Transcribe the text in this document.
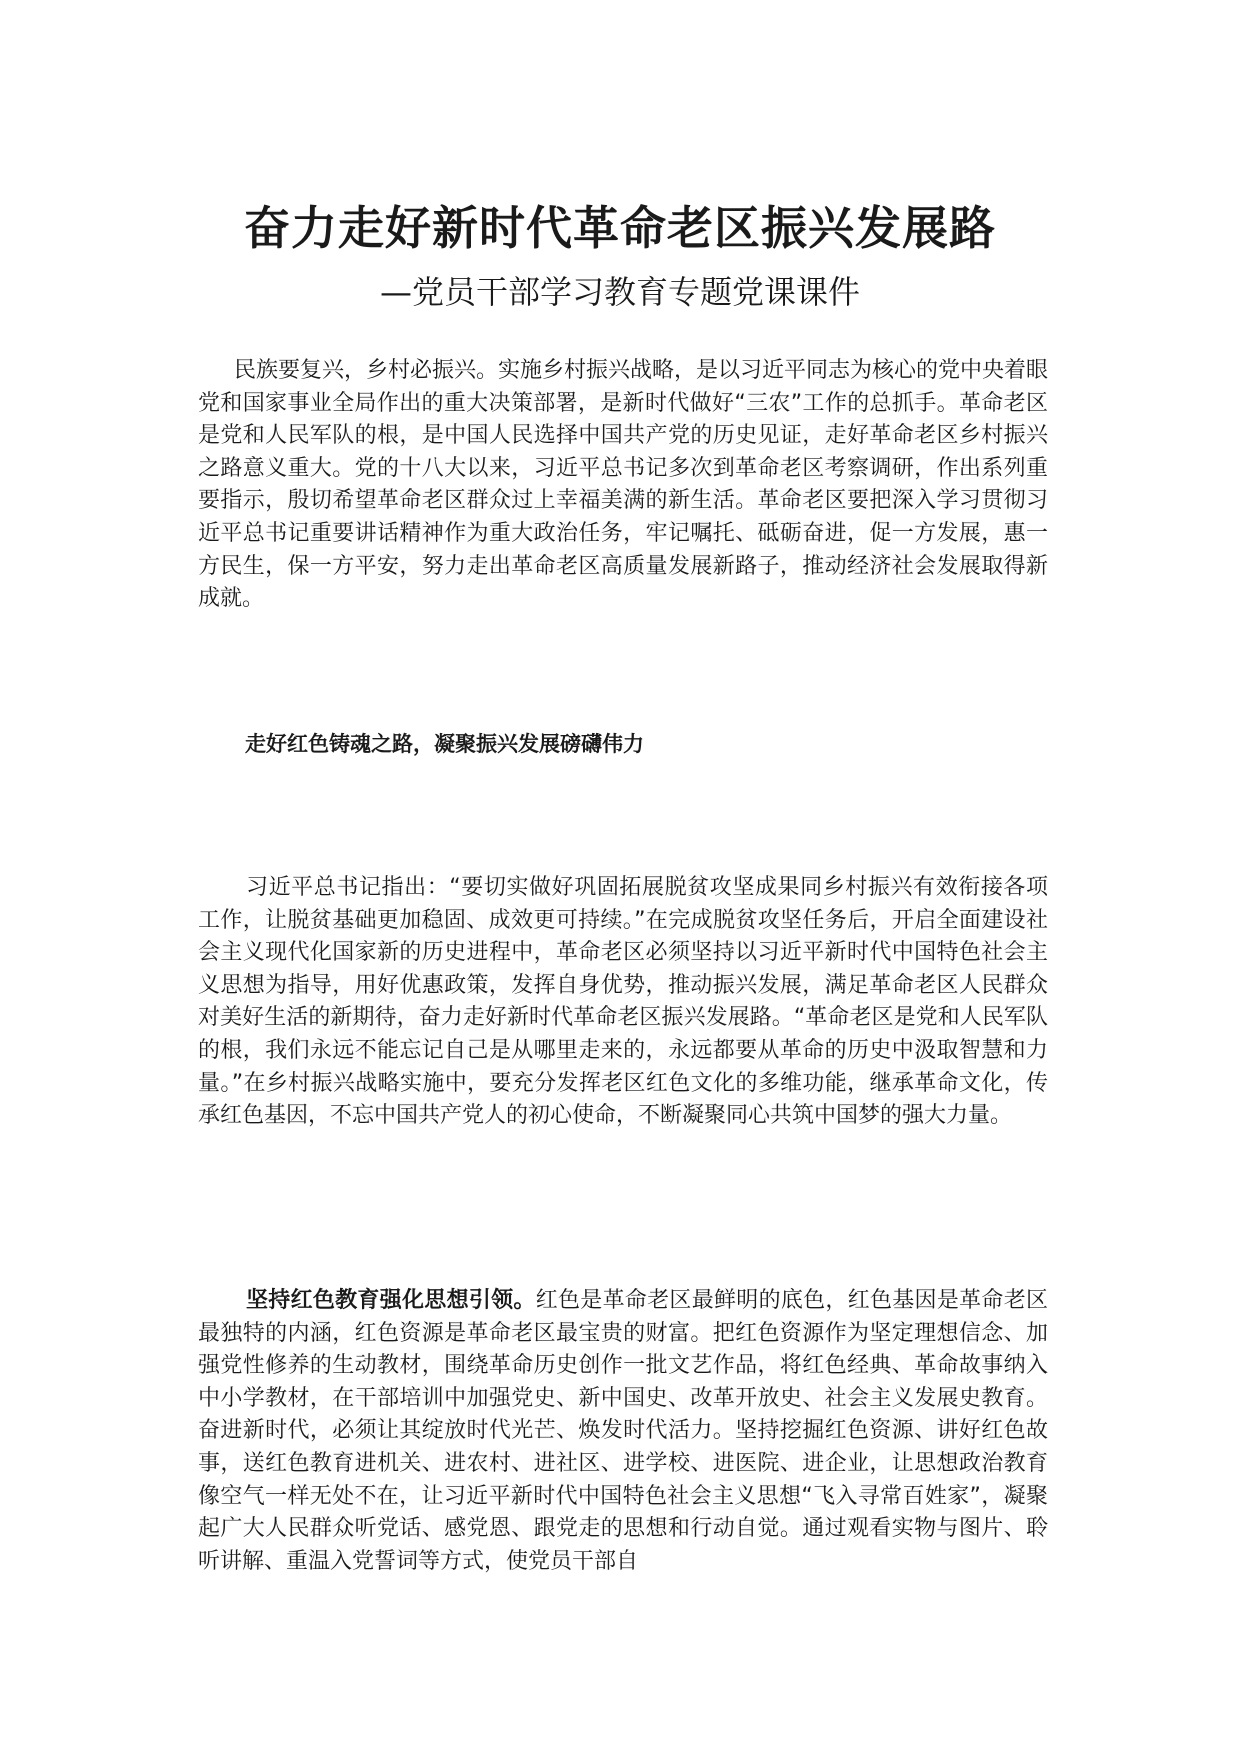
奋力走好新时代革命老区振兴发展路
—党员干部学习教育专题党课课件

民族要复兴，乡村必振兴。实施乡村振兴战略，是以习近平同志为核心的党中央着眼党和国家事业全局作出的重大决策部署，是新时代做好“三农”工作的总抓手。革命老区是党和人民军队的根，是中国人民选择中国共产党的历史见证，走好革命老区乡村振兴之路意义重大。党的十八大以来，习近平总书记多次到革命老区考察调研，作出系列重要指示，殷切希望革命老区群众过上幸福美满的新生活。革命老区要把深入学习贯彻习近平总书记重要讲话精神作为重大政治任务，牢记嘱托、砥砺奋进，促一方发展，惠一方民生，保一方平安，努力走出革命老区高质量发展新路子，推动经济社会发展取得新成就。

走好红色铸魂之路，凝聚振兴发展磅礴伟力

习近平总书记指出：“要切实做好巩固拓展脱贫攻坚成果同乡村振兴有效衔接各项工作，让脱贫基础更加稳固、成效更可持续。”在完成脱贫攻坚任务后，开启全面建设社会主义现代化国家新的历史进程中，革命老区必须坚持以习近平新时代中国特色社会主义思想为指导，用好优惠政策，发挥自身优势，推动振兴发展，满足革命老区人民群众对美好生活的新期待，奋力走好新时代革命老区振兴发展路。“革命老区是党和人民军队的根，我们永远不能忘记自己是从哪里走来的，永远都要从革命的历史中汲取智慧和力量。”在乡村振兴战略实施中，要充分发挥老区红色文化的多维功能，继承革命文化，传承红色基因，不忘中国共产党人的初心使命，不断凝聚同心共筑中国梦的强大力量。

坚持红色教育强化思想引领。红色是革命老区最鲜明的底色，红色基因是革命老区最独特的内涵，红色资源是革命老区最宝贵的财富。把红色资源作为坚定理想信念、加强党性修养的生动教材，围绕革命历史创作一批文艺作品，将红色经典、革命故事纳入中小学教材，在干部培训中加强党史、新中国史、改革开放史、社会主义发展史教育。奋进新时代，必须让其绽放时代光芒、焕发时代活力。坚持挖掘红色资源、讲好红色故事，送红色教育进机关、进农村、进社区、进学校、进医院、进企业，让思想政治教育像空气一样无处不在，让习近平新时代中国特色社会主义思想“飞入寻常百姓家”，凝聚起广大人民群众听党话、感党恩、跟党走的思想和行动自觉。通过观看实物与图片、聆听讲解、重温入党誓词等方式，使党员干部自
